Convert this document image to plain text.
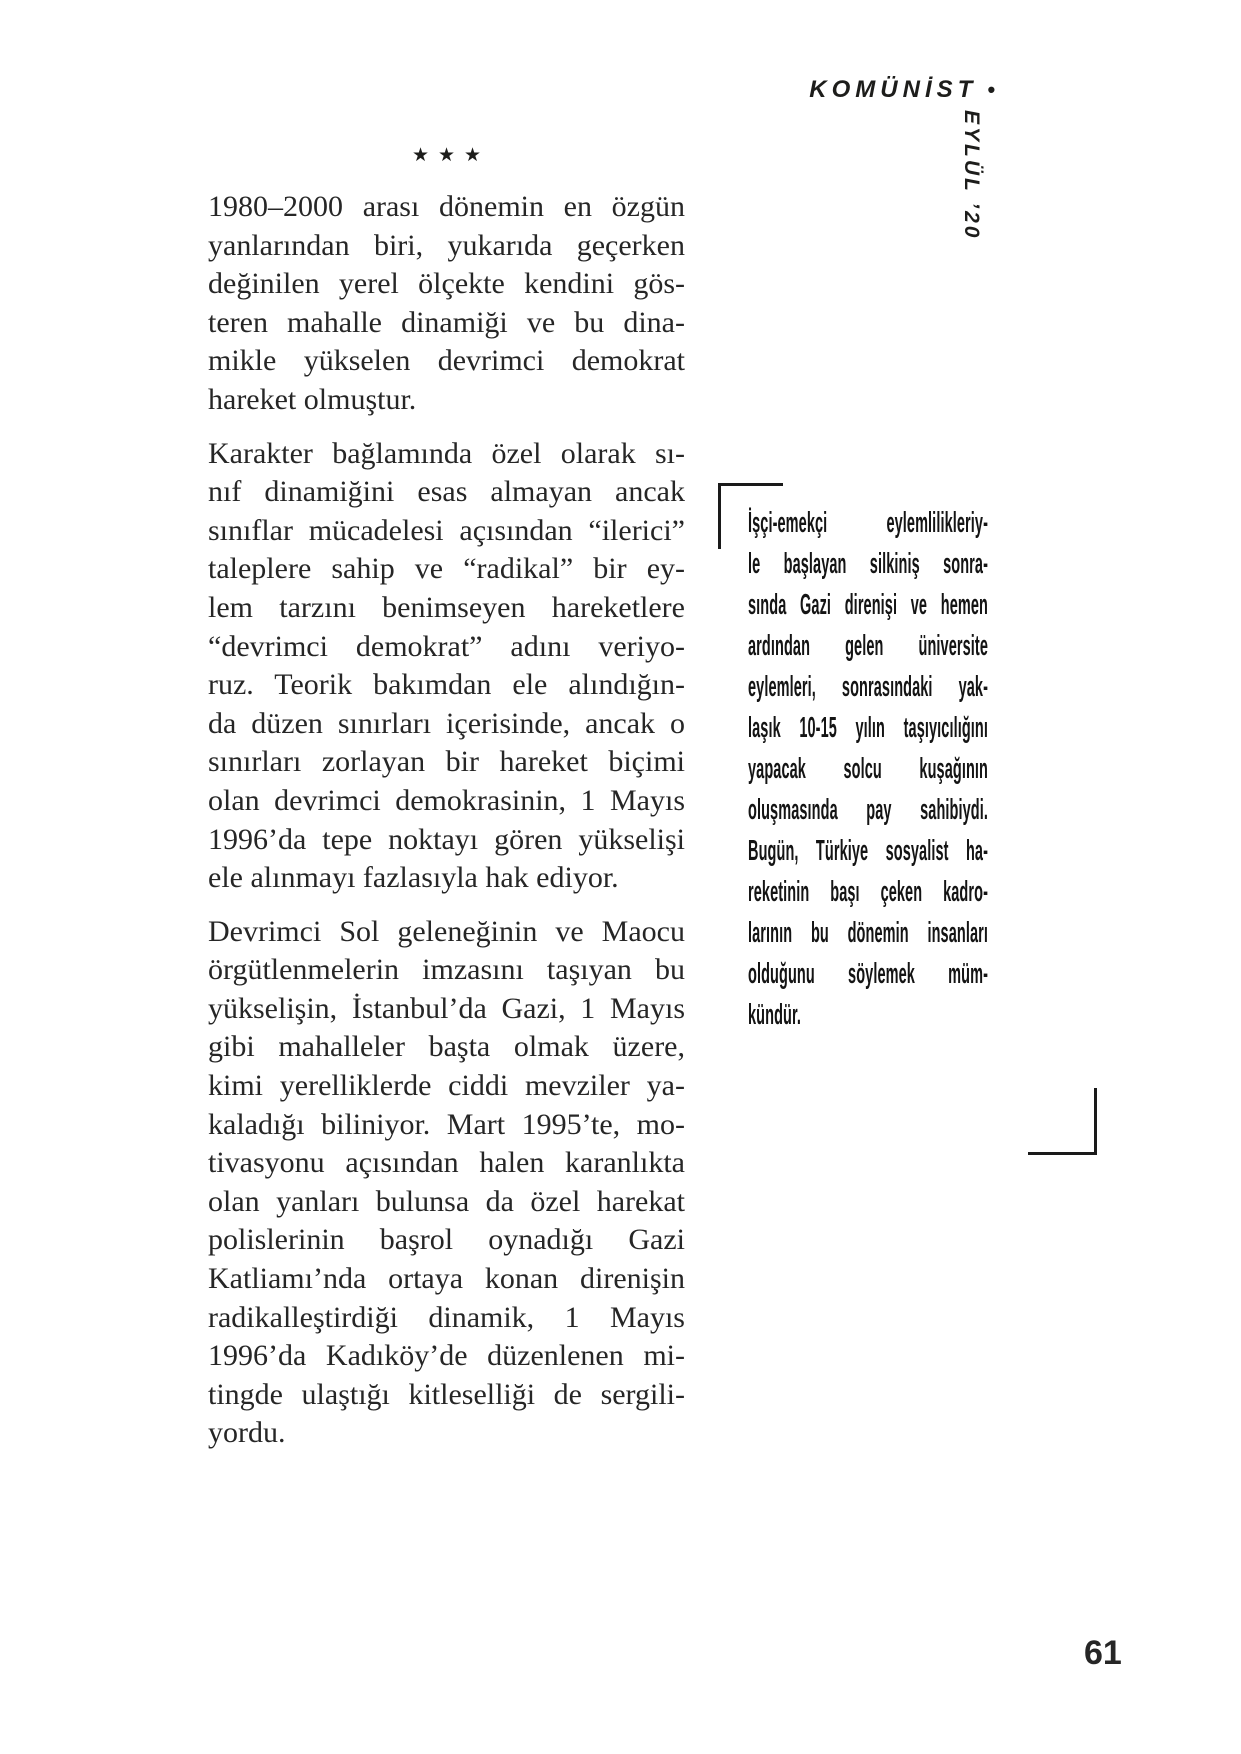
KOMÜNİST •
EYLÜL ’20
★★★
1980–2000 arası dönemin en özgün
yanlarından biri, yukarıda geçerken
değinilen yerel ölçekte kendini gös-
teren mahalle dinamiği ve bu dina-
mikle yükselen devrimci demokrat
hareket olmuştur.
Karakter bağlamında özel olarak sı-
nıf dinamiğini esas almayan ancak
sınıflar mücadelesi açısından “ilerici”
taleplere sahip ve “radikal” bir ey-
lem tarzını benimseyen hareketlere
“devrimci demokrat” adını veriyo-
ruz. Teorik bakımdan ele alındığın-
da düzen sınırları içerisinde, ancak o
sınırları zorlayan bir hareket biçimi
olan devrimci demokrasinin, 1 Mayıs
1996’da tepe noktayı gören yükselişi
ele alınmayı fazlasıyla hak ediyor.
Devrimci Sol geleneğinin ve Maocu
örgütlenmelerin imzasını taşıyan bu
yükselişin, İstanbul’da Gazi, 1 Mayıs
gibi mahalleler başta olmak üzere,
kimi yerelliklerde ciddi mevziler ya-
kaladığı biliniyor. Mart 1995’te, mo-
tivasyonu açısından halen karanlıkta
olan yanları bulunsa da özel harekat
polislerinin başrol oynadığı Gazi
Katliamı’nda ortaya konan direnişin
radikalleştirdiği dinamik, 1 Mayıs
1996’da Kadıköy’de düzenlenen mi-
tingde ulaştığı kitleselliği de sergili-
yordu.
İşçi-emekçi eylemlilikleriy-
le başlayan silkiniş sonra-
sında Gazi direnişi ve hemen
ardından gelen üniversite
eylemleri, sonrasındaki yak-
laşık 10-15 yılın taşıyıcılığını
yapacak solcu kuşağının
oluşmasında pay sahibiydi.
Bugün, Türkiye sosyalist ha-
reketinin başı çeken kadro-
larının bu dönemin insanları
olduğunu söylemek müm-
kündür.
61
